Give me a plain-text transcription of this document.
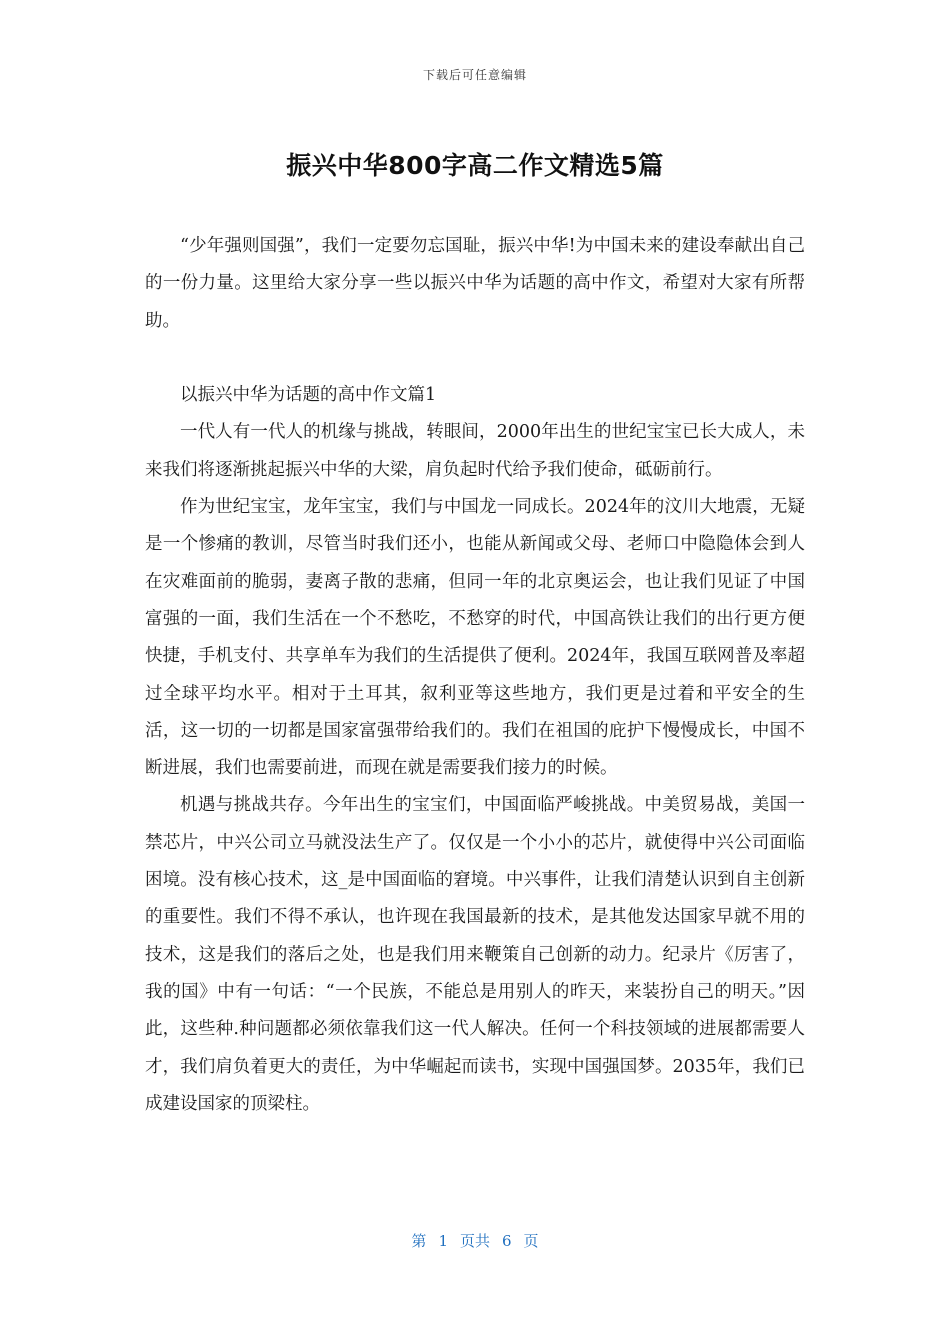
下载后可任意编辑
振兴中华800字高二作文精选5篇

“少年强则国强”，我们一定要勿忘国耻，振兴中华!为中国未来的建设奉献出自己的一份力量。这里给大家分享一些以振兴中华为话题的高中作文，希望对大家有所帮助。

以振兴中华为话题的高中作文篇1

一代人有一代人的机缘与挑战，转眼间，2000年出生的世纪宝宝已长大成人，未来我们将逐渐挑起振兴中华的大梁，肩负起时代给予我们使命，砥砺前行。

作为世纪宝宝，龙年宝宝，我们与中国龙一同成长。2024年的汶川大地震，无疑是一个惨痛的教训，尽管当时我们还小，也能从新闻或父母、老师口中隐隐体会到人在灾难面前的脆弱，妻离子散的悲痛，但同一年的北京奥运会，也让我们见证了中国富强的一面，我们生活在一个不愁吃，不愁穿的时代，中国高铁让我们的出行更方便快捷，手机支付、共享单车为我们的生活提供了便利。2024年，我国互联网普及率超过全球平均水平。相对于土耳其，叙利亚等这些地方，我们更是过着和平安全的生活，这一切的一切都是国家富强带给我们的。我们在祖国的庇护下慢慢成长，中国不断进展，我们也需要前进，而现在就是需要我们接力的时候。

机遇与挑战共存。今年出生的宝宝们，中国面临严峻挑战。中美贸易战，美国一禁芯片，中兴公司立马就没法生产了。仅仅是一个小小的芯片，就使得中兴公司面临困境。没有核心技术，这_是中国面临的窘境。中兴事件，让我们清楚认识到自主创新的重要性。我们不得不承认，也许现在我国最新的技术，是其他发达国家早就不用的技术，这是我们的落后之处，也是我们用来鞭策自己创新的动力。纪录片《厉害了，我的国》中有一句话：“一个民族，不能总是用别人的昨天，来装扮自己的明天。”因此，这些种.种问题都必须依靠我们这一代人解决。任何一个科技领域的进展都需要人才，我们肩负着更大的责任，为中华崛起而读书，实现中国强国梦。2035年，我们已成建设国家的顶梁柱。

第 1 页共 6 页
